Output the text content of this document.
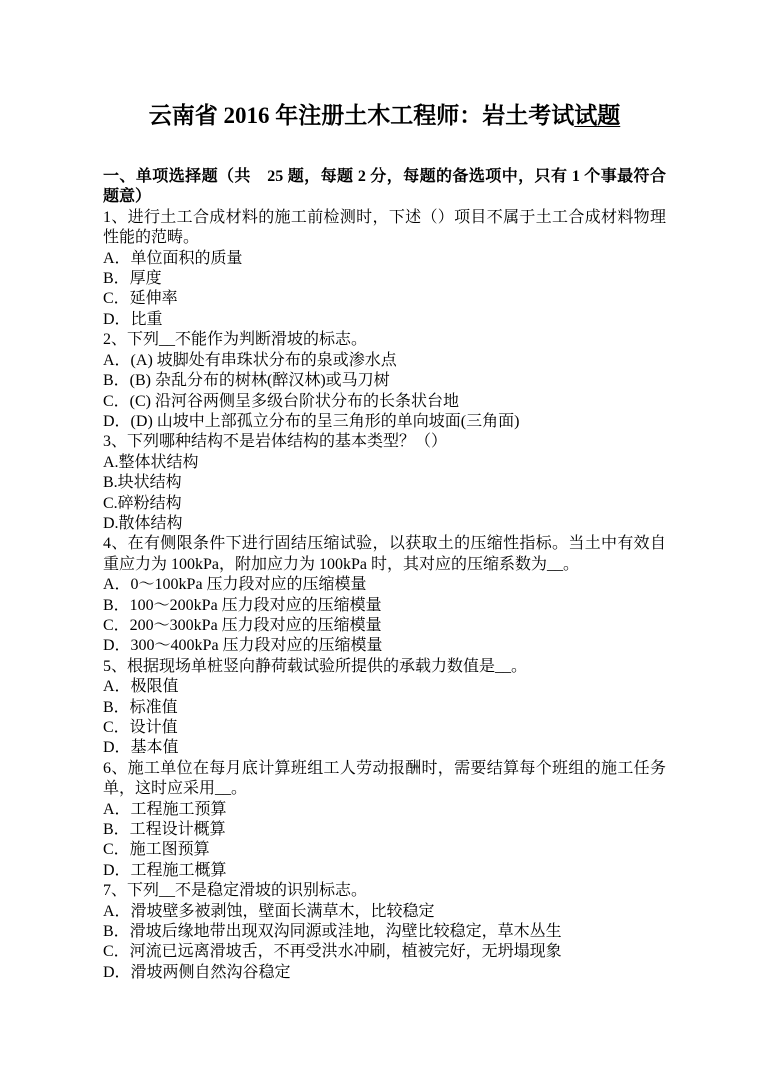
云南省 2016 年注册土木工程师：岩土考试试题

一、单项选择题（共　25 题，每题 2 分，每题的备选项中，只有 1 个事最符合题意）

1、进行土工合成材料的施工前检测时，下述（）项目不属于土工合成材料物理性能的范畴。

A．单位面积的质量

B．厚度

C．延伸率

D．比重

2、下列__不能作为判断滑坡的标志。

A．(A) 坡脚处有串珠状分布的泉或渗水点

B．(B) 杂乱分布的树林(醉汉林)或马刀树

C．(C) 沿河谷两侧呈多级台阶状分布的长条状台地

D．(D) 山坡中上部孤立分布的呈三角形的单向坡面(三角面)

3、下列哪种结构不是岩体结构的基本类型？（）

A.整体状结构

B.块状结构

C.碎粉结构

D.散体结构

4、在有侧限条件下进行固结压缩试验，以获取土的压缩性指标。当土中有效自重应力为 100kPa，附加应力为 100kPa 时，其对应的压缩系数为__。

A．0～100kPa 压力段对应的压缩模量

B．100～200kPa 压力段对应的压缩模量

C．200～300kPa 压力段对应的压缩模量

D．300～400kPa 压力段对应的压缩模量

5、根据现场单桩竖向静荷载试验所提供的承载力数值是__。

A．极限值

B．标准值

C．设计值

D．基本值

6、施工单位在每月底计算班组工人劳动报酬时，需要结算每个班组的施工任务单，这时应采用__。

A．工程施工预算

B．工程设计概算

C．施工图预算

D．工程施工概算

7、下列__不是稳定滑坡的识别标志。

A．滑坡壁多被剥蚀，壁面长满草木，比较稳定

B．滑坡后缘地带出现双沟同源或洼地，沟壁比较稳定，草木丛生

C．河流已远离滑坡舌，不再受洪水冲刷，植被完好，无坍塌现象

D．滑坡两侧自然沟谷稳定
